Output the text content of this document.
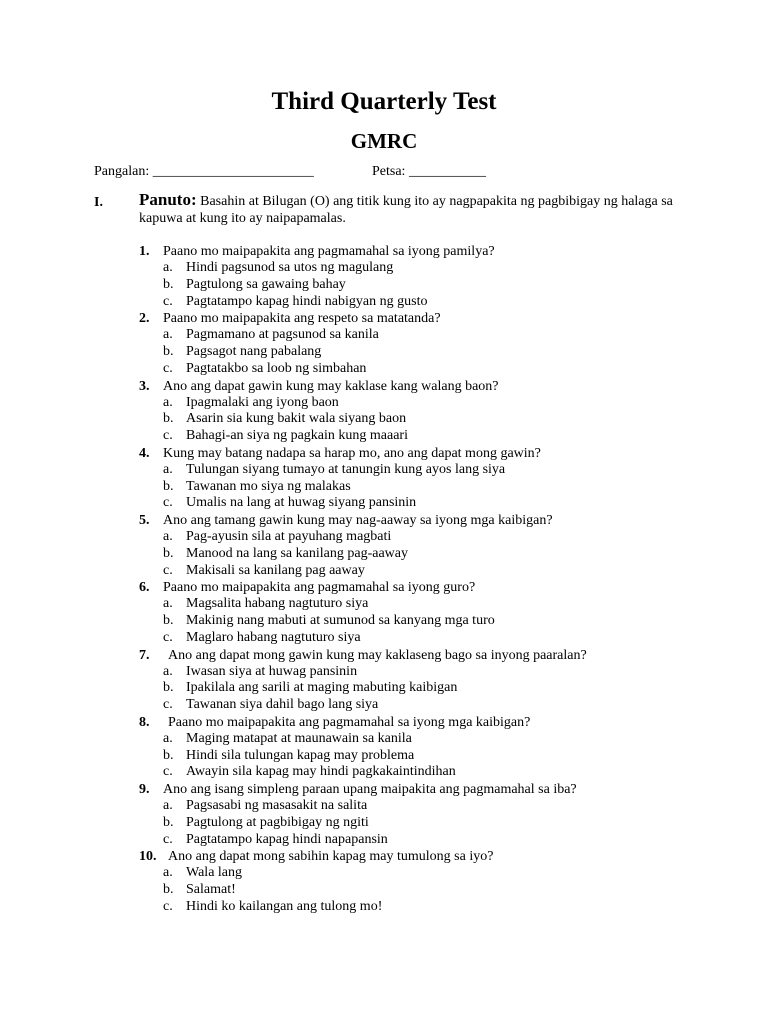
Third Quarterly Test
GMRC
Pangalan: _______________________	Petsa: ___________
I. Panuto: Basahin at Bilugan (O) ang titik kung ito ay nagpapakita ng pagbibigay ng halaga sa kapuwa at kung ito ay naipapamalas.
1. Paano mo maipapakita ang pagmamahal sa iyong pamilya?
a. Hindi pagsunod sa utos ng magulang
b. Pagtulong sa gawaing bahay
c. Pagtatampo kapag hindi nabigyan ng gusto
2. Paano mo maipapakita ang respeto sa matatanda?
a. Pagmamano at pagsunod sa kanila
b. Pagsagot nang pabalang
c. Pagtatakbo sa loob ng simbahan
3. Ano ang dapat gawin kung may kaklase kang walang baon?
a. Ipagmalaki ang iyong baon
b. Asarin sia kung bakit wala siyang baon
c. Bahagi-an siya ng pagkain kung maaari
4. Kung may batang nadapa sa harap mo, ano ang dapat mong gawin?
a. Tulungan siyang tumayo at tanungin kung ayos lang siya
b. Tawanan mo siya ng malakas
c. Umalis na lang at huwag siyang pansinin
5. Ano ang tamang gawin kung may nag-aaway sa iyong mga kaibigan?
a. Pag-ayusin sila at payuhang magbati
b. Manood na lang sa kanilang pag-aaway
c. Makisali sa kanilang pag aaway
6. Paano mo maipapakita ang pagmamahal sa iyong guro?
a. Magsalita habang nagtuturo siya
b. Makinig nang mabuti at sumunod sa kanyang mga turo
c. Maglaro habang nagtuturo siya
7. Ano ang dapat mong gawin kung may kaklaseng bago sa inyong paaralan?
a. Iwasan siya at huwag pansinin
b. Ipakilala ang sarili at maging mabuting kaibigan
c. Tawanan siya dahil bago lang siya
8. Paano mo maipapakita ang pagmamahal sa iyong mga kaibigan?
a. Maging matapat at maunawain sa kanila
b. Hindi sila tulungan kapag may problema
c. Awayin sila kapag may hindi pagkakaintindihan
9. Ano ang isang simpleng paraan upang maipakita ang pagmamahal sa iba?
a. Pagsasabi ng masasakit na salita
b. Pagtulong at pagbibigay ng ngiti
c. Pagtatampo kapag hindi napapansin
10. Ano ang dapat mong sabihin kapag may tumulong sa iyo?
a. Wala lang
b. Salamat!
c. Hindi ko kailangan ang tulong mo!
